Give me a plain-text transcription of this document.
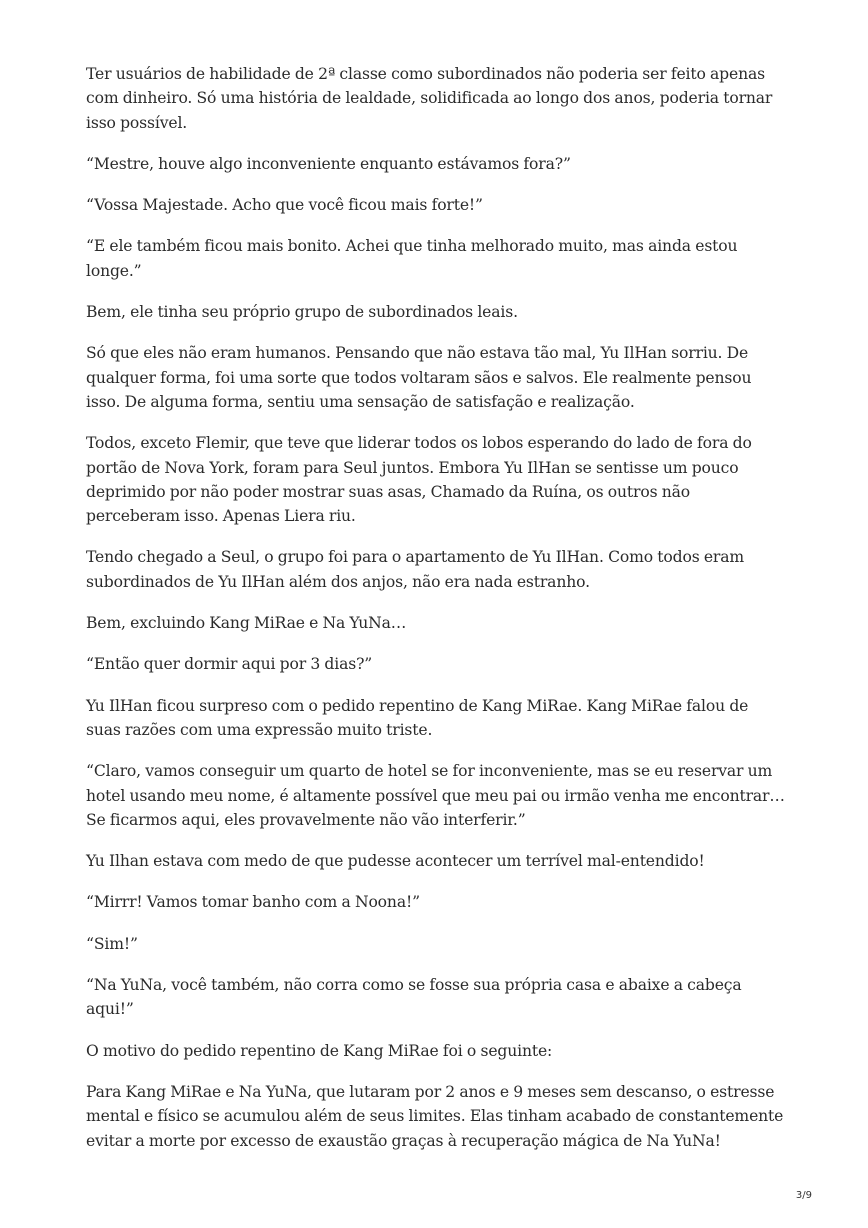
Ter usuários de habilidade de 2ª classe como subordinados não poderia ser feito apenas com dinheiro. Só uma história de lealdade, solidificada ao longo dos anos, poderia tornar isso possível.

“Mestre, houve algo inconveniente enquanto estávamos fora?”

“Vossa Majestade. Acho que você ficou mais forte!”

“E ele também ficou mais bonito. Achei que tinha melhorado muito, mas ainda estou longe.”

Bem, ele tinha seu próprio grupo de subordinados leais.

Só que eles não eram humanos. Pensando que não estava tão mal, Yu IlHan sorriu. De qualquer forma, foi uma sorte que todos voltaram sãos e salvos. Ele realmente pensou isso. De alguma forma, sentiu uma sensação de satisfação e realização.

Todos, exceto Flemir, que teve que liderar todos os lobos esperando do lado de fora do portão de Nova York, foram para Seul juntos. Embora Yu IlHan se sentisse um pouco deprimido por não poder mostrar suas asas, Chamado da Ruína, os outros não perceberam isso. Apenas Liera riu.

Tendo chegado a Seul, o grupo foi para o apartamento de Yu IlHan. Como todos eram subordinados de Yu IlHan além dos anjos, não era nada estranho.

Bem, excluindo Kang MiRae e Na YuNa…

“Então quer dormir aqui por 3 dias?”

Yu IlHan ficou surpreso com o pedido repentino de Kang MiRae. Kang MiRae falou de suas razões com uma expressão muito triste.

“Claro, vamos conseguir um quarto de hotel se for inconveniente, mas se eu reservar um hotel usando meu nome, é altamente possível que meu pai ou irmão venha me encontrar… Se ficarmos aqui, eles provavelmente não vão interferir.”

Yu Ilhan estava com medo de que pudesse acontecer um terrível mal-entendido!

“Mirrr! Vamos tomar banho com a Noona!”

“Sim!”

“Na YuNa, você também, não corra como se fosse sua própria casa e abaixe a cabeça aqui!”

O motivo do pedido repentino de Kang MiRae foi o seguinte:

Para Kang MiRae e Na YuNa, que lutaram por 2 anos e 9 meses sem descanso, o estresse mental e físico se acumulou além de seus limites. Elas tinham acabado de constantemente evitar a morte por excesso de exaustão graças à recuperação mágica de Na YuNa!

3/9
